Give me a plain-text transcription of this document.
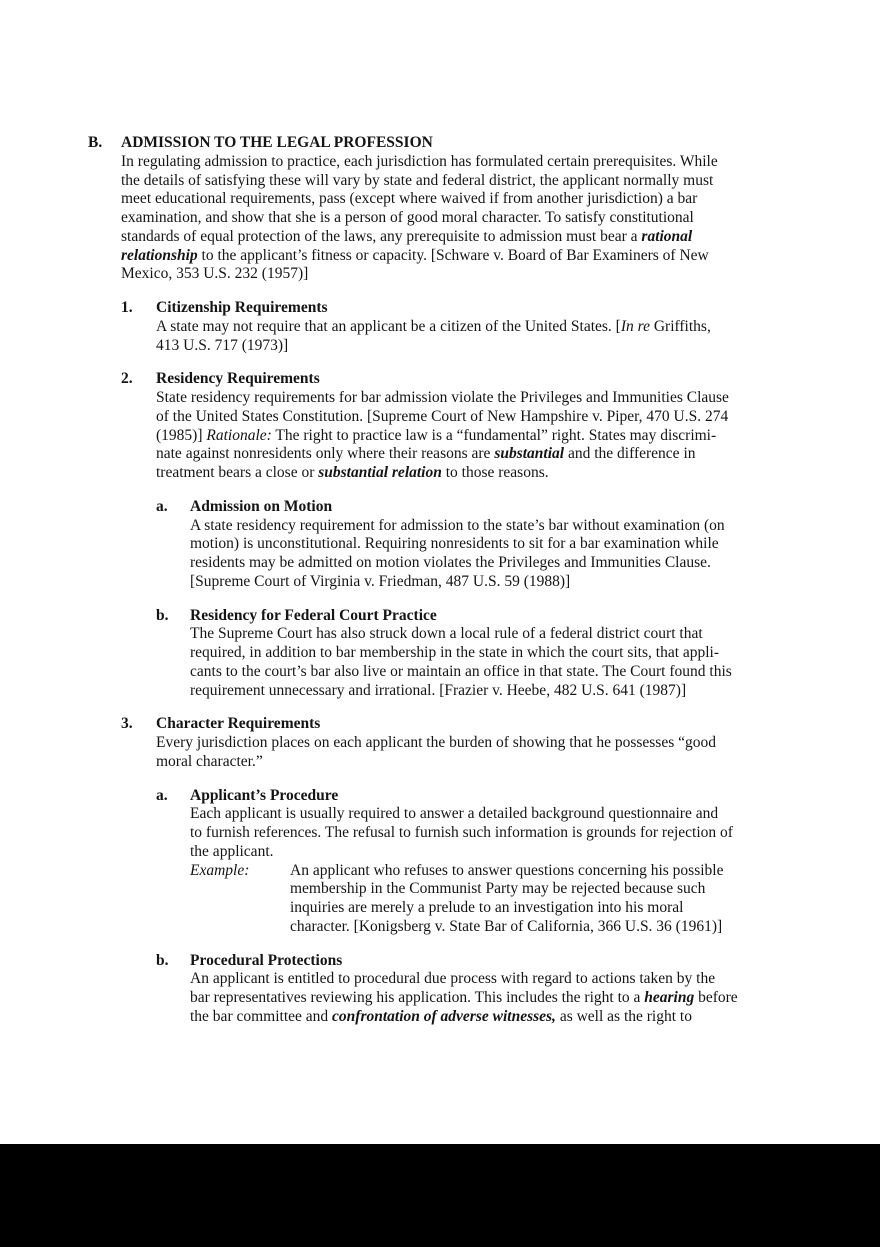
B.	ADMISSION TO THE LEGAL PROFESSION
In regulating admission to practice, each jurisdiction has formulated certain prerequisites. While
the details of satisfying these will vary by state and federal district, the applicant normally must
meet educational requirements, pass (except where waived if from another jurisdiction) a bar
examination, and show that she is a person of good moral character. To satisfy constitutional
standards of equal protection of the laws, any prerequisite to admission must bear a rational
relationship to the applicant’s fitness or capacity. [Schware v. Board of Bar Examiners of New
Mexico, 353 U.S. 232 (1957)]
1.	Citizenship Requirements
A state may not require that an applicant be a citizen of the United States. [In re Griffiths,
413 U.S. 717 (1973)]
2.	Residency Requirements
State residency requirements for bar admission violate the Privileges and Immunities Clause
of the United States Constitution. [Supreme Court of New Hampshire v. Piper, 470 U.S. 274
(1985)] Rationale: The right to practice law is a “fundamental” right. States may discrimi-
nate against nonresidents only where their reasons are substantial and the difference in
treatment bears a close or substantial relation to those reasons.
a.	Admission on Motion
A state residency requirement for admission to the state’s bar without examination (on
motion) is unconstitutional. Requiring nonresidents to sit for a bar examination while
residents may be admitted on motion violates the Privileges and Immunities Clause.
[Supreme Court of Virginia v. Friedman, 487 U.S. 59 (1988)]
b.	Residency for Federal Court Practice
The Supreme Court has also struck down a local rule of a federal district court that
required, in addition to bar membership in the state in which the court sits, that appli-
cants to the court’s bar also live or maintain an office in that state. The Court found this
requirement unnecessary and irrational. [Frazier v. Heebe, 482 U.S. 641 (1987)]
3.	Character Requirements
Every jurisdiction places on each applicant the burden of showing that he possesses “good
moral character.”
a.	Applicant’s Procedure
Each applicant is usually required to answer a detailed background questionnaire and
to furnish references. The refusal to furnish such information is grounds for rejection of
the applicant.
Example:	An applicant who refuses to answer questions concerning his possible
membership in the Communist Party may be rejected because such
inquiries are merely a prelude to an investigation into his moral
character. [Konigsberg v. State Bar of California, 366 U.S. 36 (1961)]
b.	Procedural Protections
An applicant is entitled to procedural due process with regard to actions taken by the
bar representatives reviewing his application. This includes the right to a hearing before
the bar committee and confrontation of adverse witnesses, as well as the right to
